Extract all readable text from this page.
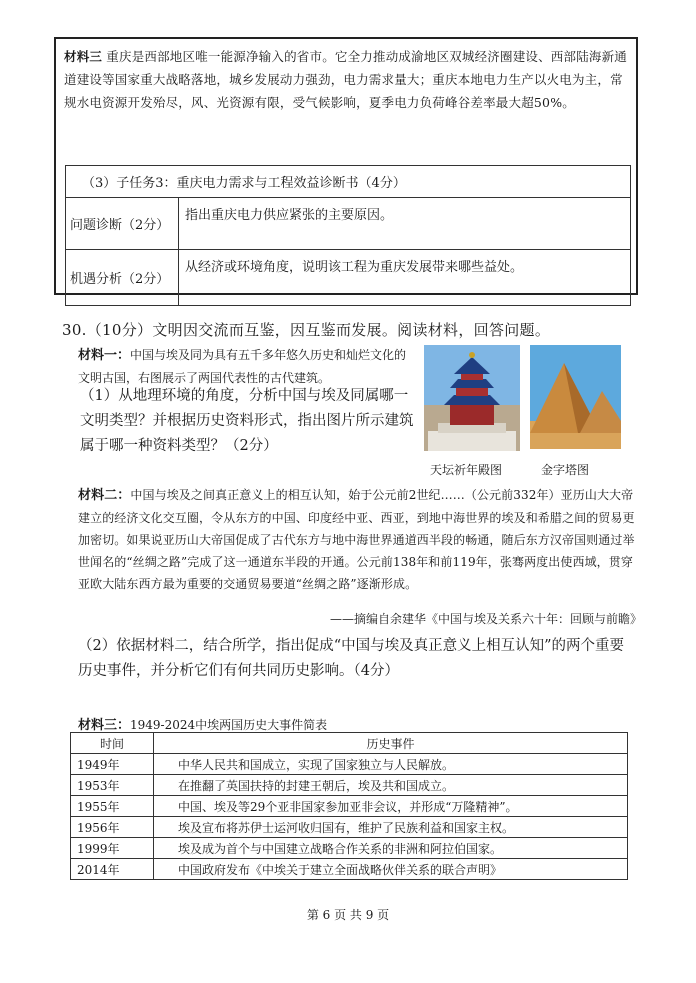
材料三 重庆是西部地区唯一能源净输入的省市。它全力推动成渝地区双城经济圈建设、西部陆海新通道建设等国家重大战略落地，城乡发展动力强劲，电力需求量大；重庆本地电力生产以火电为主，常规水电资源开发殆尽，风、光资源有限，受气候影响，夏季电力负荷峰谷差率最大超50%。
（3）子任务3：重庆电力需求与工程效益诊断书（4分）	
问题诊断（2分）	指出重庆电力供应紧张的主要原因。
机遇分析（2分）	从经济或环境角度，说明该工程为重庆发展带来哪些益处。
30.（10分）文明因交流而互鉴，因互鉴而发展。阅读材料，回答问题。
材料一：中国与埃及同为具有五千多年悠久历史和灿烂文化的文明古国，右图展示了两国代表性的古代建筑。
（1）从地理环境的角度，分析中国与埃及同属哪一文明类型？并根据历史资料形式，指出图片所示建筑属于哪一种资料类型？（2分）
天坛祈年殿图	金字塔图
材料二：中国与埃及之间真正意义上的相互认知，始于公元前2世纪……（公元前332年）亚历山大大帝建立的经济文化交互圈，令从东方的中国、印度经中亚、西亚，到地中海世界的埃及和希腊之间的贸易更加密切。如果说亚历山大帝国促成了古代东方与地中海世界通道西半段的畅通，随后东方汉帝国则通过举世闻名的“丝绸之路”完成了这一通道东半段的开通。公元前138年和前119年，张骞两度出使西域，贯穿亚欧大陆东西方最为重要的交通贸易要道“丝绸之路”逐渐形成。
——摘编自余建华《中国与埃及关系六十年：回顾与前瞻》
（2）依据材料二，结合所学，指出促成“中国与埃及真正意义上相互认知”的两个重要历史事件，并分析它们有何共同历史影响。（4分）
材料三：1949-2024中埃两国历史大事件简表
时间	历史事件
1949年	中华人民共和国成立，实现了国家独立与人民解放。
1953年	在推翻了英国扶持的封建王朝后，埃及共和国成立。
1955年	中国、埃及等29个亚非国家参加亚非会议，并形成“万隆精神”。
1956年	埃及宣布将苏伊士运河收归国有，维护了民族利益和国家主权。
1999年	埃及成为首个与中国建立战略合作关系的非洲和阿拉伯国家。
2014年	中国政府发布《中埃关于建立全面战略伙伴关系的联合声明》
第 6 页 共 9 页
